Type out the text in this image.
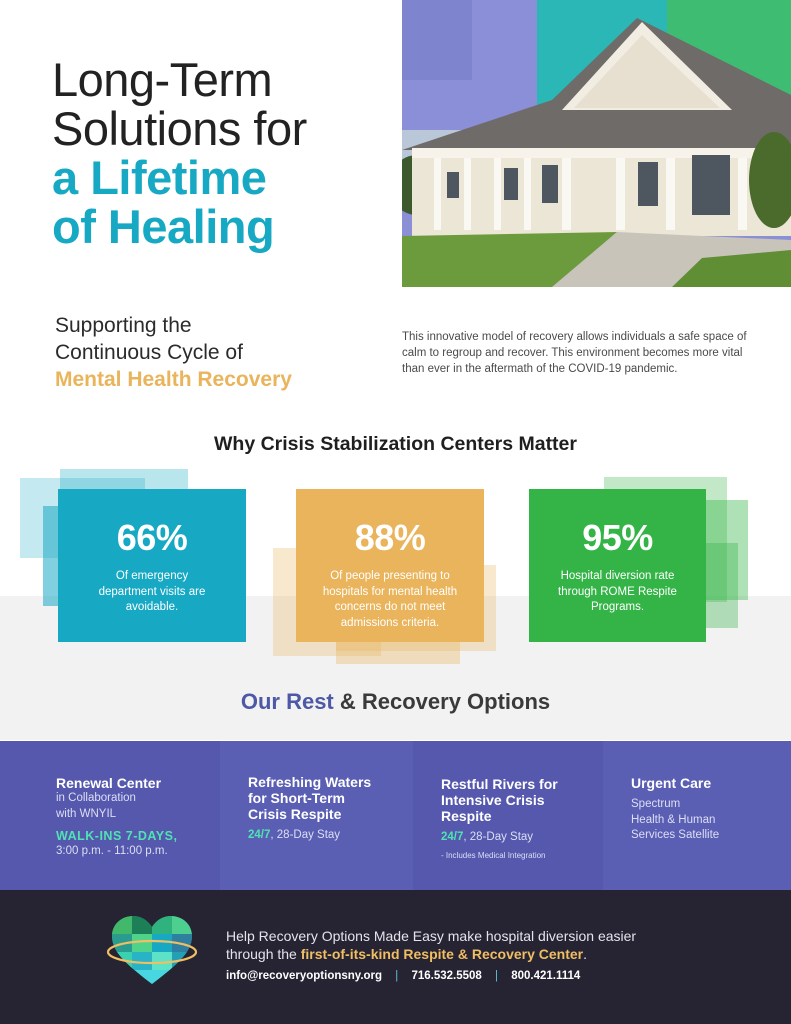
Long-Term
Solutions for
a Lifetime
of Healing
Supporting the
Continuous Cycle of
Mental Health Recovery

This innovative model of recovery allows individuals a safe space of calm to regroup and recover. This environment becomes more vital than ever in the aftermath of the COVID-19 pandemic.

Why Crisis Stabilization Centers Matter
66%
Of emergency department visits are avoidable.
88%
Of people presenting to hospitals for mental health concerns do not meet admissions criteria.
95%
Hospital diversion rate through ROME Respite Programs.
Our Rest & Recovery Options
Renewal Center
in Collaboration
with WNYIL
WALK-INS 7-DAYS,
3:00 p.m. - 11:00 p.m.
Refreshing Waters
for Short-Term
Crisis Respite
24/7, 28-Day Stay
Restful Rivers for
Intensive Crisis
Respite
24/7, 28-Day Stay
- Includes Medical Integration
Urgent Care
Spectrum
Health & Human
Services Satellite
Help Recovery Options Made Easy make hospital diversion easier
through the first-of-its-kind Respite & Recovery Center.
info@recoveryoptionsny.org | 716.532.5508 | 800.421.1114
